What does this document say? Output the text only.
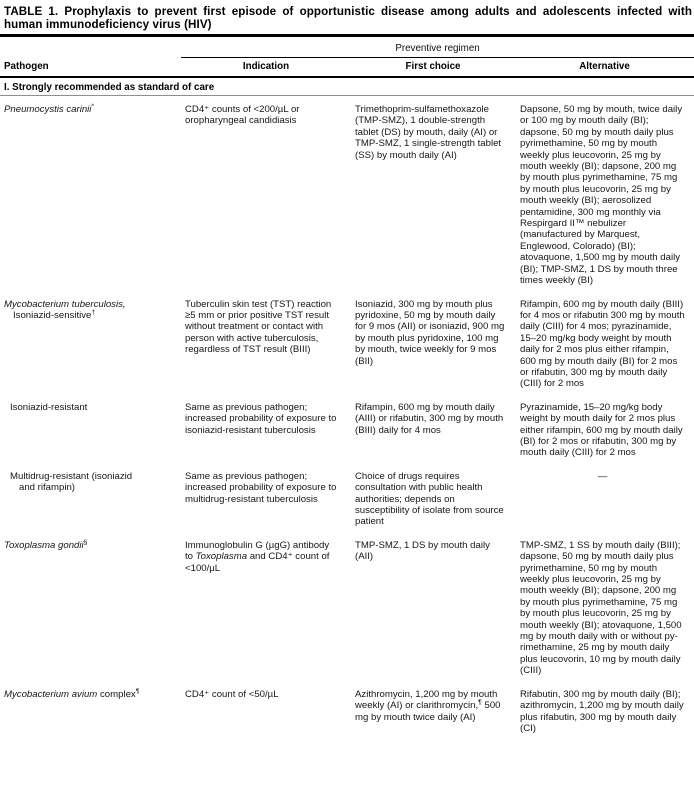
TABLE 1. Prophylaxis to prevent first episode of opportunistic disease among adults and adolescents infected with human immunodeficiency virus (HIV)
	Preventive regimen		
Pathogen	Indication	First choice	Alternative
I. Strongly recommended as standard of care			
Pneumocystis carinii*	CD4⁺ counts of <200/µL or oropharyngeal candidiasis	Trimethoprim-sulfamethoxazole (TMP-SMZ), 1 double-strength tablet (DS) by mouth, daily (AI) or TMP-SMZ, 1 single-strength tablet (SS) by mouth daily (AI)	Dapsone, 50 mg by mouth, twice daily or 100 mg by mouth daily (BI); dapsone, 50 mg by mouth daily plus pyrimethamine, 50 mg by mouth weekly plus leucovorin, 25 mg by mouth weekly (BI); dapsone, 200 mg by mouth plus pyrimethamine, 75 mg by mouth plus leucovorin, 25 mg by mouth weekly (BI); aerosolized pentamidine, 300 mg monthly via Respirgard II™ nebulizer (manufactured by Marquest, Englewood, Colorado) (BI); atovaquone, 1,500 mg by mouth daily (BI); TMP-SMZ, 1 DS by mouth three times weekly (BI)
Mycobacterium tuberculosis,
Isoniazid-sensitive†	Tuberculin skin test (TST) reaction ≥5 mm or prior positive TST result without treatment or contact with person with active tuberculosis, regardless of TST result (BIII)	Isoniazid, 300 mg by mouth plus pyridoxine, 50 mg by mouth daily for 9 mos (AII) or isoniazid, 900 mg by mouth plus pyridoxine, 100 mg by mouth, twice weekly for 9 mos (BII)	Rifampin, 600 mg by mouth daily (BIII) for 4 mos or rifabutin 300 mg by mouth daily (CIII) for 4 mos; pyrazinamide, 15–20 mg/kg body weight by mouth daily for 2 mos plus either rifampin, 600 mg by mouth daily (BI) for 2 mos or rifabutin, 300 mg by mouth daily (CIII) for 2 mos
Isoniazid-resistant	Same as previous pathogen; increased probability of exposure to isoniazid-resistant tuberculosis	Rifampin, 600 mg by mouth daily (AIII) or rifabutin, 300 mg by mouth (BIII) daily for 4 mos	Pyrazinamide, 15–20 mg/kg body weight by mouth daily for 2 mos plus either rifampin, 600 mg by mouth daily (BI) for 2 mos or rifabutin, 300 mg by mouth daily (CIII) for 2 mos
Multidrug-resistant (isoniazid
and rifampin)	Same as previous pathogen; increased probability of exposure to multidrug-resistant tuberculosis	Choice of drugs requires consultation with public health authorities; depends on susceptibility of isolate from source patient	—
Toxoplasma gondii§	Immunoglobulin G (µgG) antibody to Toxoplasma and CD4⁺ count of <100/µL	TMP-SMZ, 1 DS by mouth daily (AII)	TMP-SMZ, 1 SS by mouth daily (BIII); dapsone, 50 mg by mouth daily plus pyrimethamine, 50 mg by mouth weekly plus leucovorin, 25 mg by mouth weekly (BI); dapsone, 200 mg by mouth plus pyrimethamine, 75 mg by mouth plus leucovorin, 25 mg by mouth weekly (BI); atovaquone, 1,500 mg by mouth daily with or without pyrimethamine, 25 mg by mouth daily plus leucovorin, 10 mg by mouth daily (CIII)
Mycobacterium avium complex¶	CD4⁺ count of <50/µL	Azithromycin, 1,200 mg by mouth weekly (AI) or clarithromycin,¶ 500 mg by mouth twice daily (AI)	Rifabutin, 300 mg by mouth daily (BI); azithromycin, 1,200 mg by mouth daily plus rifabutin, 300 mg by mouth daily (CI)
